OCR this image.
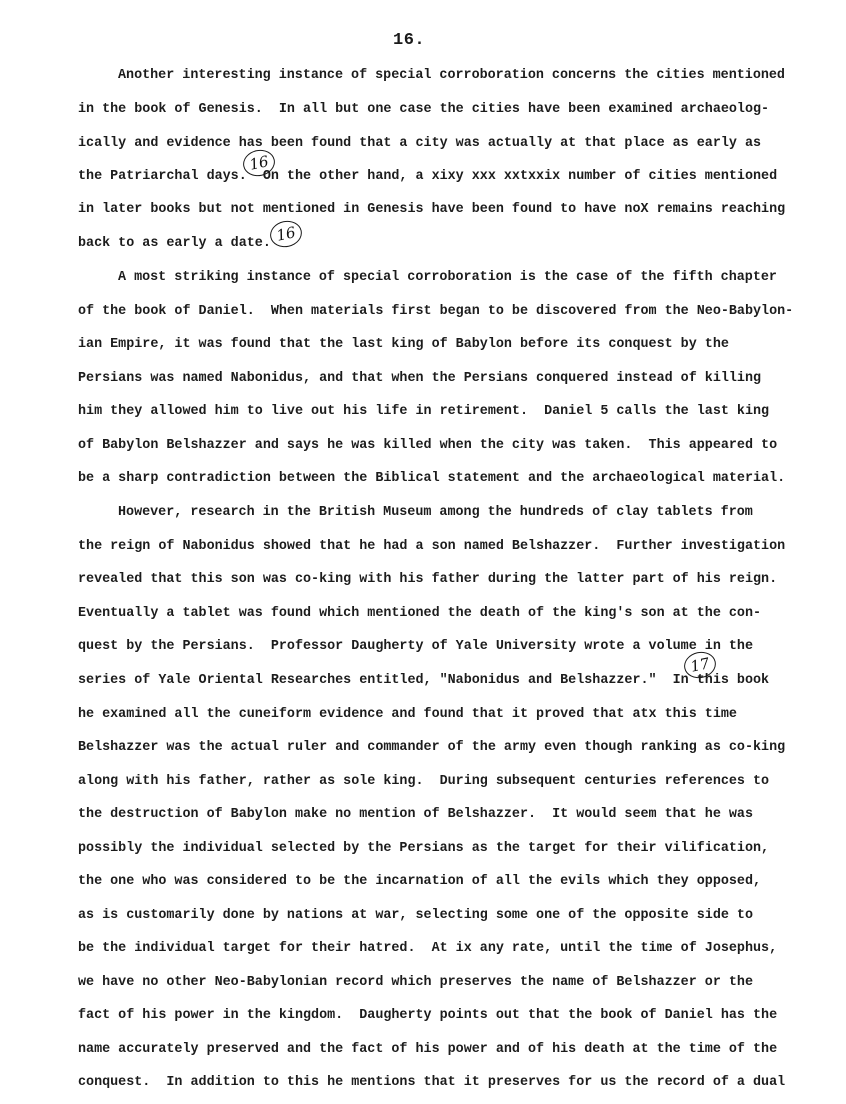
16.
Another interesting instance of special corroboration concerns the cities mentioned
in the book of Genesis.  In all but one case the cities have been examined archaeolog-
ically and evidence has been found that a city was actually at that place as early as
the Patriarchal days.  On the other hand, a xixy xxx xxtxxix number of cities mentioned
in later books but not mentioned in Genesis have been found to have noX remains reaching
back to as early a date.
A most striking instance of special corroboration is the case of the fifth chapter
of the book of Daniel.  When materials first began to be discovered from the Neo-Babylon-
ian Empire, it was found that the last king of Babylon before its conquest by the
Persians was named Nabonidus, and that when the Persians conquered instead of killing
him they allowed him to live out his life in retirement.  Daniel 5 calls the last king
of Babylon Belshazzer and says he was killed when the city was taken.  This appeared to
be a sharp contradiction between the Biblical statement and the archaeological material.
However, research in the British Museum among the hundreds of clay tablets from
the reign of Nabonidus showed that he had a son named Belshazzer.  Further investigation
revealed that this son was co-king with his father during the latter part of his reign.
Eventually a tablet was found which mentioned the death of the king's son at the con-
quest by the Persians.  Professor Daugherty of Yale University wrote a volume in the
series of Yale Oriental Researches entitled, "Nabonidus and Belshazzer."  In this book
he examined all the cuneiform evidence and found that it proved that atx this time
Belshazzer was the actual ruler and commander of the army even though ranking as co-king
along with his father, rather as sole king.  During subsequent centuries references to
the destruction of Babylon make no mention of Belshazzer.  It would seem that he was
possibly the individual selected by the Persians as the target for their vilification,
the one who was considered to be the incarnation of all the evils which they opposed,
as is customarily done by nations at war, selecting some one of the opposite side to
be the individual target for their hatred.  At ix any rate, until the time of Josephus,
we have no other Neo-Babylonian record which preserves the name of Belshazzer or the
fact of his power in the kingdom.  Daugherty points out that the book of Daniel has the
name accurately preserved and the fact of his power and of his death at the time of the
conquest.  In addition to this he mentions that it preserves for us the record of a dual
16
16
17
